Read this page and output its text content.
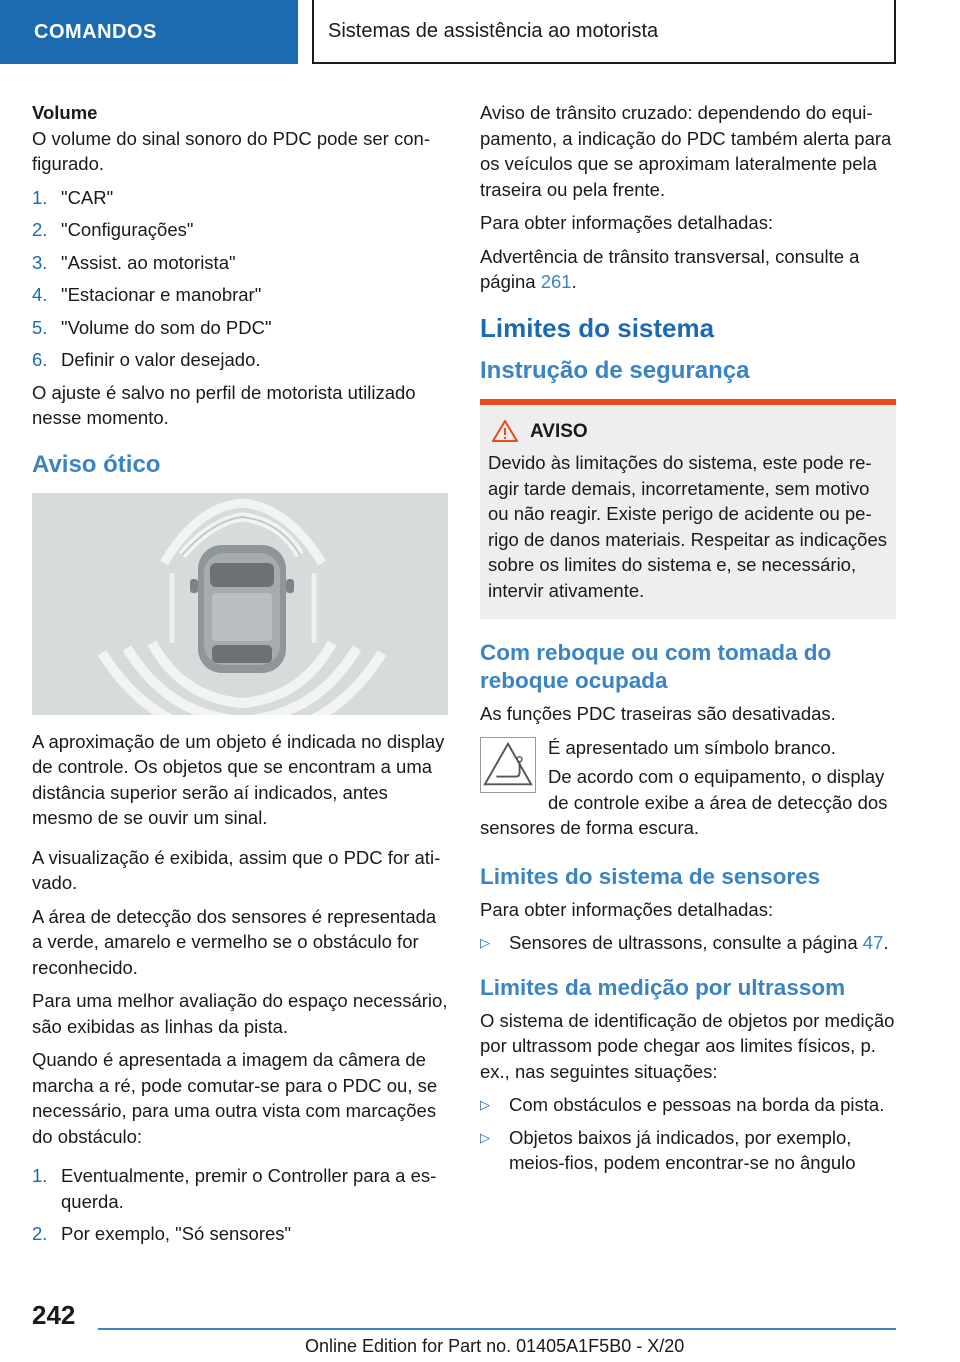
COMANDOS	Sistemas de assistência ao motorista

Volume

O volume do sinal sonoro do PDC pode ser configurado.

1. "CAR"
2. "Configurações"
3. "Assist. ao motorista"
4. "Estacionar e manobrar"
5. "Volume do som do PDC"
6. Definir o valor desejado.

O ajuste é salvo no perfil de motorista utilizado nesse momento.

Aviso ótico

A aproximação de um objeto é indicada no display de controle. Os objetos que se encontram a uma distância superior serão aí indicados, antes mesmo de se ouvir um sinal.

A visualização é exibida, assim que o PDC for ativado.

A área de detecção dos sensores é representada a verde, amarelo e vermelho se o obstáculo for reconhecido.

Para uma melhor avaliação do espaço necessário, são exibidas as linhas da pista.

Quando é apresentada a imagem da câmera de marcha a ré, pode comutar-se para o PDC ou, se necessário, para uma outra vista com marcações do obstáculo:

1. Eventualmente, premir o Controller para a esquerda.
2. Por exemplo, "Só sensores"

Aviso de trânsito cruzado: dependendo do equipamento, a indicação do PDC também alerta para os veículos que se aproximam lateralmente pela traseira ou pela frente.

Para obter informações detalhadas:

Advertência de trânsito transversal, consulte a página 261.

Limites do sistema
Instrução de segurança
AVISO
Devido às limitações do sistema, este pode reagir tarde demais, incorretamente, sem motivo ou não reagir. Existe perigo de acidente ou perigo de danos materiais. Respeitar as indicações sobre os limites do sistema e, se necessário, intervir ativamente.
Com reboque ou com tomada do reboque ocupada

As funções PDC traseiras são desativadas.

É apresentado um símbolo branco.

De acordo com o equipamento, o display de controle exibe a área de detecção dos sensores de forma escura.

Limites do sistema de sensores

Para obter informações detalhadas:

▷ Sensores de ultrassons, consulte a página 47.
Limites da medição por ultrassom

O sistema de identificação de objetos por medição por ultrassom pode chegar aos limites físicos, p. ex., nas seguintes situações:

▷ Com obstáculos e pessoas na borda da pista.
▷ Objetos baixos já indicados, por exemplo, meios-fios, podem encontrar-se no ângulo
242
Online Edition for Part no. 01405A1F5B0 - X/20
